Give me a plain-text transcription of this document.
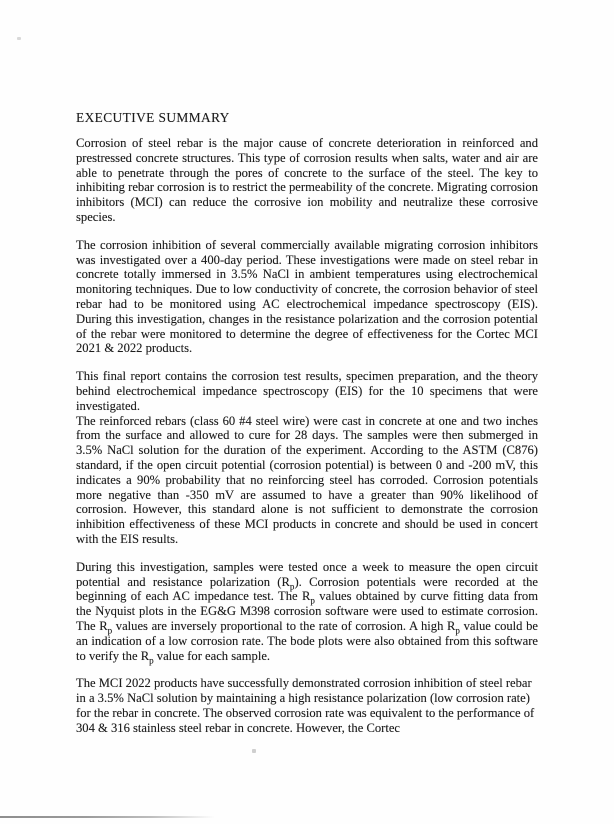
EXECUTIVE SUMMARY

Corrosion of steel rebar is the major cause of concrete deterioration in reinforced and prestressed concrete structures. This type of corrosion results when salts, water and air are able to penetrate through the pores of concrete to the surface of the steel. The key to inhibiting rebar corrosion is to restrict the permeability of the concrete. Migrating corrosion inhibitors (MCI) can reduce the corrosive ion mobility and neutralize these corrosive species.

The corrosion inhibition of several commercially available migrating corrosion inhibitors was investigated over a 400-day period. These investigations were made on steel rebar in concrete totally immersed in 3.5% NaCl in ambient temperatures using electrochemical monitoring techniques. Due to low conductivity of concrete, the corrosion behavior of steel rebar had to be monitored using AC electrochemical impedance spectroscopy (EIS). During this investigation, changes in the resistance polarization and the corrosion potential of the rebar were monitored to determine the degree of effectiveness for the Cortec MCI 2021 & 2022 products.

This final report contains the corrosion test results, specimen preparation, and the theory behind electrochemical impedance spectroscopy (EIS) for the 10 specimens that were investigated.

The reinforced rebars (class 60 #4 steel wire) were cast in concrete at one and two inches from the surface and allowed to cure for 28 days. The samples were then submerged in 3.5% NaCl solution for the duration of the experiment. According to the ASTM (C876) standard, if the open circuit potential (corrosion potential) is between 0 and -200 mV, this indicates a 90% probability that no reinforcing steel has corroded. Corrosion potentials more negative than -350 mV are assumed to have a greater than 90% likelihood of corrosion. However, this standard alone is not sufficient to demonstrate the corrosion inhibition effectiveness of these MCI products in concrete and should be used in concert with the EIS results.

During this investigation, samples were tested once a week to measure the open circuit potential and resistance polarization $(R_p)$. Corrosion potentials were recorded at the beginning of each AC impedance test. The $R_p$ values obtained by curve fitting data from the Nyquist plots in the EG&G M398 corrosion software were used to estimate corrosion. The $R_p$ values are inversely proportional to the rate of corrosion. A high $R_p$ value could be an indication of a low corrosion rate. The bode plots were also obtained from this software to verify the $R_p$ value for each sample.

The MCI 2022 products have successfully demonstrated corrosion inhibition of steel rebar in a 3.5% NaCl solution by maintaining a high resistance polarization (low corrosion rate) for the rebar in concrete. The observed corrosion rate was equivalent to the performance of 304 & 316 stainless steel rebar in concrete. However, the Cortec
